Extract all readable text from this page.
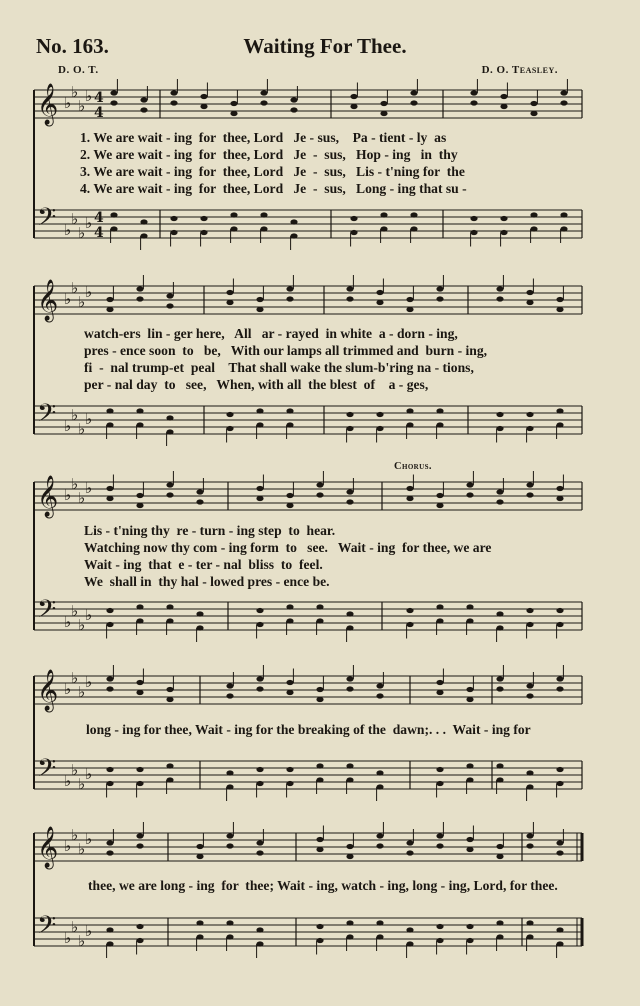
No. 163.	Waiting For Thee.
D. O. T.	D. O. Teasley.
𝄞 ♭
♭
♭
♭ 4
4
𝄢 ♭
♭
♭
♭ 4
4
𝄞 ♭
♭
♭
♭
𝄢 ♭
♭
♭
♭
𝄞 ♭
♭
♭
♭
𝄢 ♭
♭
♭
♭
𝄞 ♭
♭
♭
♭
𝄢 ♭
♭
♭
♭
𝄞 ♭
♭
♭
♭
𝄢 ♭
♭
♭
♭
Chorus.
1. We are wait - ing  for  thee, Lord   Je - sus,    Pa - tient - ly  as
2. We are wait - ing  for  thee, Lord   Je  -  sus,   Hop - ing   in  thy
3. We are wait - ing  for  thee, Lord   Je  -  sus,   Lis - t'ning for  the
4. We are wait - ing  for  thee, Lord   Je  -  sus,   Long - ing that su -
watch-ers  lin - ger here,   All   ar - rayed  in white  a - dorn - ing,
pres - ence soon  to   be,   With our lamps all trimmed and  burn - ing,
fi  -  nal trump-et  peal    That shall wake the slum-b'ring na - tions,
per - nal day  to   see,   When, with all  the blest  of    a - ges,
Lis - t'ning thy  re - turn - ing step  to  hear.
Watching now thy com - ing form  to   see.   Wait - ing  for thee, we are
Wait - ing  that  e - ter - nal  bliss  to  feel.
We  shall in  thy hal - lowed pres - ence be.
long - ing for thee, Wait - ing for the breaking of the  dawn;. . .  Wait - ing for
thee, we are long - ing  for  thee; Wait - ing, watch - ing, long - ing, Lord, for thee.
